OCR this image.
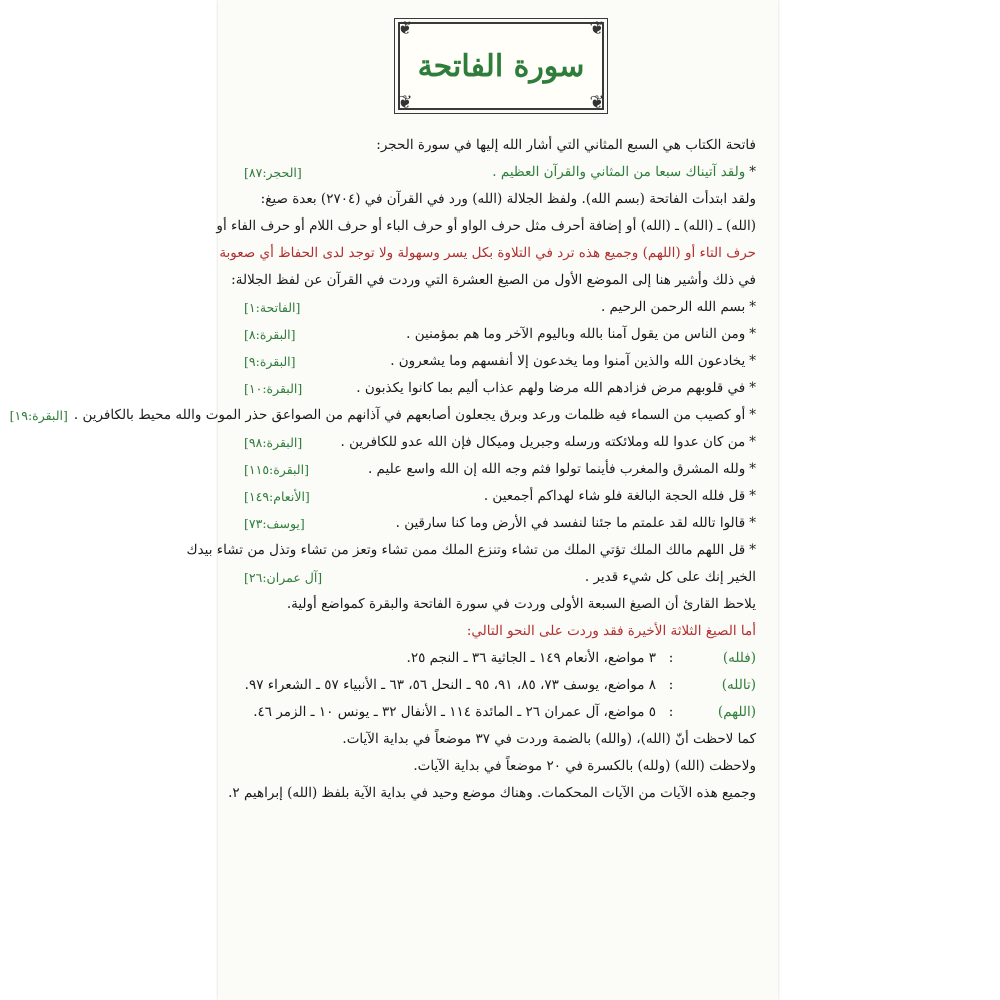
❦	❦
❦	❦
سورة الفاتحة
فاتحة الكتاب هي السبع المثاني التي أشار الله إليها في سورة الحجر:
*ولقد آتيناك سبعا من المثاني والقرآن العظيم .
[الحجر:٨٧]
ولقد ابتدأت الفاتحة (بسم الله). ولفظ الجلالة (الله) ورد في القرآن في (٢٧٠٤) بعدة صيغ:
(الله) ـ (الله) ـ (الله) أو إضافة أحرف مثل حرف الواو أو حرف الباء أو حرف اللام أو حرف الفاء أو
حرف التاء أو (اللهم) وجميع هذه ترد في التلاوة بكل يسر وسهولة ولا توجد لدى الحفاظ أي صعوبة
في ذلك وأشير هنا إلى الموضع الأول من الصيغ العشرة التي وردت في القرآن عن لفظ الجلالة:
*بسم الله الرحمن الرحيم .
[الفاتحة:١]
*ومن الناس من يقول آمنا بالله وباليوم الآخر وما هم بمؤمنين .
[البقرة:٨]
*يخادعون الله والذين آمنوا وما يخدعون إلا أنفسهم وما يشعرون .
[البقرة:٩]
*في قلوبهم مرض فزادهم الله مرضا ولهم عذاب أليم بما كانوا يكذبون .
[البقرة:١٠]
*أو كصيب من السماء فيه ظلمات ورعد وبرق يجعلون أصابعهم في آذانهم من الصواعق حذر الموت والله محيط بالكافرين .
[البقرة:١٩]
*من كان عدوا لله وملائكته ورسله وجبريل وميكال فإن الله عدو للكافرين .
[البقرة:٩٨]
*ولله المشرق والمغرب فأينما تولوا فثم وجه الله إن الله واسع عليم .
[البقرة:١١٥]
*قل فلله الحجة البالغة فلو شاء لهداكم أجمعين .
[الأنعام:١٤٩]
*قالوا تالله لقد علمتم ما جئنا لنفسد في الأرض وما كنا سارقين .
[يوسف:٧٣]
*قل اللهم مالك الملك تؤتي الملك من تشاء وتنزع الملك ممن تشاء وتعز من تشاء وتذل من تشاء بيدك
الخير إنك على كل شيء قدير .
[آل عمران:٢٦]
يلاحظ القارئ أن الصيغ السبعة الأولى وردت في سورة الفاتحة والبقرة كمواضع أولية.
أما الصيغ الثلاثة الأخيرة فقد وردت على النحو التالي:
(فلله)
:
٣ مواضع، الأنعام ١٤٩ ـ الجاثية ٣٦ ـ النجم ٢٥.
(تالله)
:
٨ مواضع، يوسف ٧٣، ٨٥، ٩١، ٩٥ ـ النحل ٥٦، ٦٣ ـ الأنبياء ٥٧ ـ الشعراء ٩٧.
(اللهم)
:
٥ مواضع، آل عمران ٢٦ ـ المائدة ١١٤ ـ الأنفال ٣٢ ـ يونس ١٠ ـ الزمر ٤٦.
كما لاحظت أنّ (الله)، (والله) بالضمة وردت في ٣٧ موضعاً في بداية الآيات.
ولاحظت (الله) (ولله) بالكسرة في ٢٠ موضعاً في بداية الآيات.
وجميع هذه الآيات من الآيات المحكمات. وهناك موضع وحيد في بداية الآية بلفظ (الله) إبراهيم ٢.
